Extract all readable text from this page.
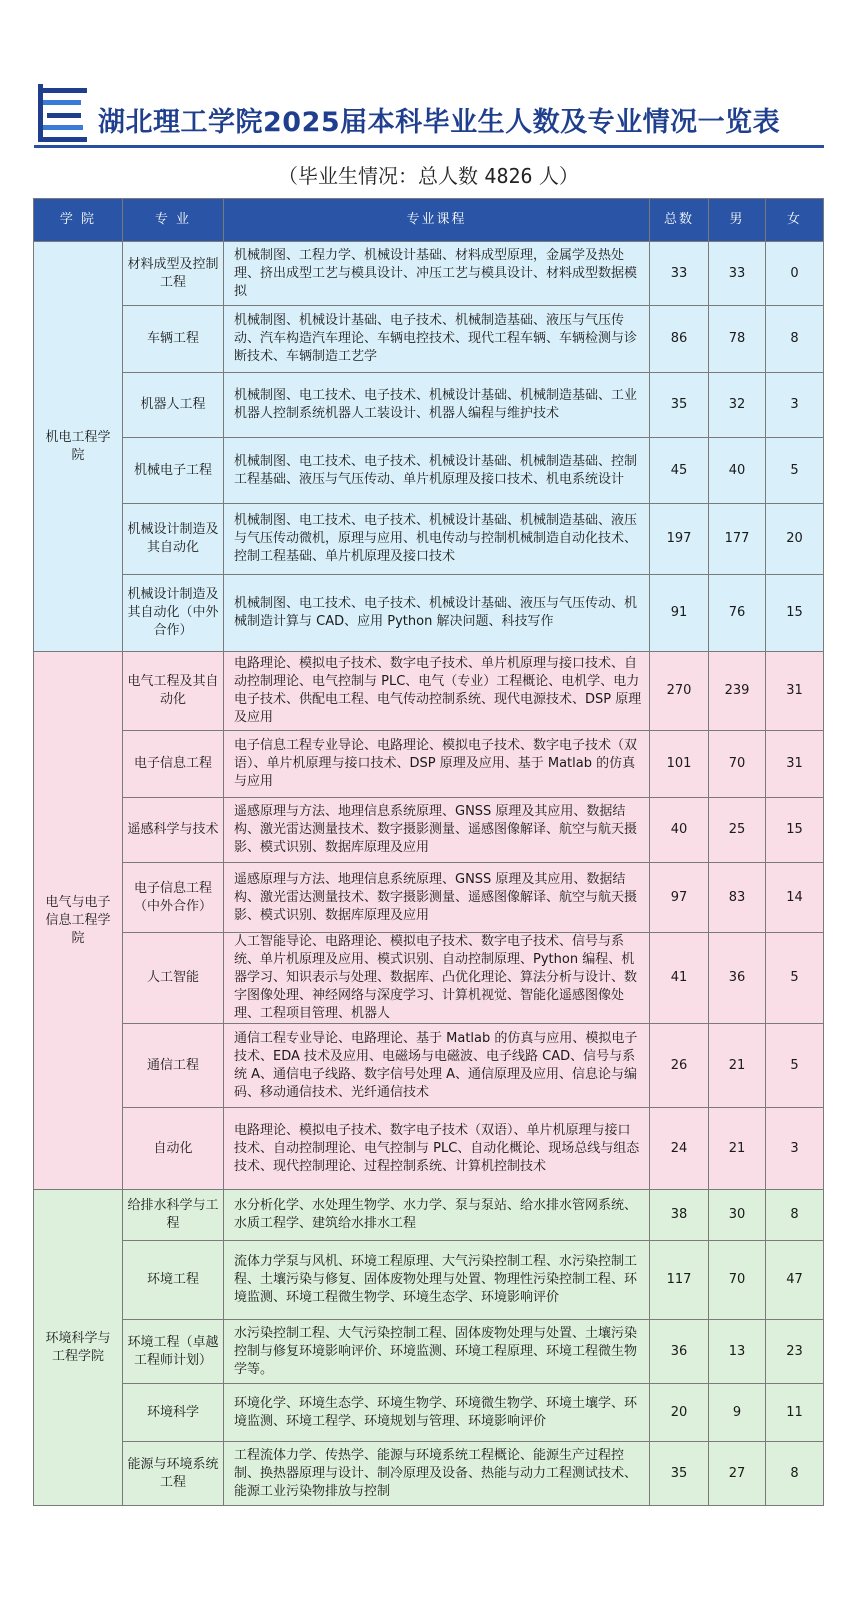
湖北理工学院2025届本科毕业生人数及专业情况一览表
（毕业生情况：总人数 4826 人）
学 院	专 业	专业课程	总数	男	女
机电工程学院	材料成型及控制工程	机械制图、工程力学、机械设计基础、材料成型原理，金属学及热处理、挤出成型工艺与模具设计、冲压工艺与模具设计、材料成型数据模拟	33	33	0
	车辆工程	机械制图、机械设计基础、电子技术、机械制造基础、液压与气压传动、汽车构造汽车理论、车辆电控技术、现代工程车辆、车辆检测与诊断技术、车辆制造工艺学	86	78	8
	机器人工程	机械制图、电工技术、电子技术、机械设计基础、机械制造基础、工业机器人控制系统机器人工装设计、机器人编程与维护技术	35	32	3
	机械电子工程	机械制图、电工技术、电子技术、机械设计基础、机械制造基础、控制工程基础、液压与气压传动、单片机原理及接口技术、机电系统设计	45	40	5
	机械设计制造及其自动化	机械制图、电工技术、电子技术、机械设计基础、机械制造基础、液压与气压传动微机，原理与应用、机电传动与控制机械制造自动化技术、控制工程基础、单片机原理及接口技术	197	177	20
	机械设计制造及其自动化（中外合作）	机械制图、电工技术、电子技术、机械设计基础、液压与气压传动、机械制造计算与 CAD、应用 Python 解决问题、科技写作	91	76	15
电气与电子信息工程学院	电气工程及其自动化	电路理论、模拟电子技术、数字电子技术、单片机原理与接口技术、自动控制理论、电气控制与 PLC、电气（专业）工程概论、电机学、电力电子技术、供配电工程、电气传动控制系统、现代电源技术、DSP 原理及应用	270	239	31
	电子信息工程	电子信息工程专业导论、电路理论、模拟电子技术、数字电子技术（双语）、单片机原理与接口技术、DSP 原理及应用、基于 Matlab 的仿真与应用	101	70	31
	遥感科学与技术	遥感原理与方法、地理信息系统原理、GNSS 原理及其应用、数据结构、激光雷达测量技术、数字摄影测量、遥感图像解译、航空与航天摄影、模式识别、数据库原理及应用	40	25	15
	电子信息工程（中外合作）	遥感原理与方法、地理信息系统原理、GNSS 原理及其应用、数据结构、激光雷达测量技术、数字摄影测量、遥感图像解译、航空与航天摄影、模式识别、数据库原理及应用	97	83	14
	人工智能	人工智能导论、电路理论、模拟电子技术、数字电子技术、信号与系统、单片机原理及应用、模式识别、自动控制原理、Python 编程、机器学习、知识表示与处理、数据库、凸优化理论、算法分析与设计、数字图像处理、神经网络与深度学习、计算机视觉、智能化遥感图像处理、工程项目管理、机器人	41	36	5
	通信工程	通信工程专业导论、电路理论、基于 Matlab 的仿真与应用、模拟电子技术、EDA 技术及应用、电磁场与电磁波、电子线路 CAD、信号与系统 A、通信电子线路、数字信号处理 A、通信原理及应用、信息论与编码、移动通信技术、光纤通信技术	26	21	5
	自动化	电路理论、模拟电子技术、数字电子技术（双语）、单片机原理与接口技术、自动控制理论、电气控制与 PLC、自动化概论、现场总线与组态技术、现代控制理论、过程控制系统、计算机控制技术	24	21	3
环境科学与工程学院	给排水科学与工程	水分析化学、水处理生物学、水力学、泵与泵站、给水排水管网系统、水质工程学、建筑给水排水工程	38	30	8
	环境工程	流体力学泵与风机、环境工程原理、大气污染控制工程、水污染控制工程、土壤污染与修复、固体废物处理与处置、物理性污染控制工程、环境监测、环境工程微生物学、环境生态学、环境影响评价	117	70	47
	环境工程（卓越工程师计划）	水污染控制工程、大气污染控制工程、固体废物处理与处置、土壤污染控制与修复环境影响评价、环境监测、环境工程原理、环境工程微生物学等。	36	13	23
	环境科学	环境化学、环境生态学、环境生物学、环境微生物学、环境土壤学、环境监测、环境工程学、环境规划与管理、环境影响评价	20	9	11
	能源与环境系统工程	工程流体力学、传热学、能源与环境系统工程概论、能源生产过程控制、换热器原理与设计、制冷原理及设备、热能与动力工程测试技术、能源工业污染物排放与控制	35	27	8
